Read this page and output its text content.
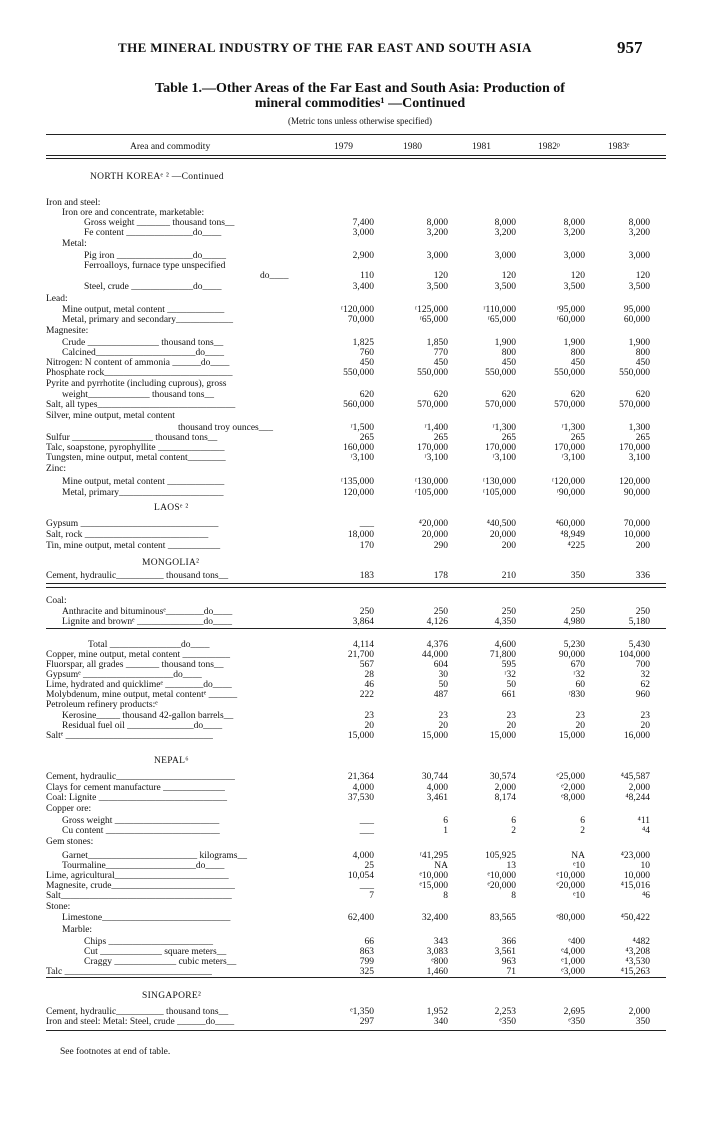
THE MINERAL INDUSTRY OF THE FAR EAST AND SOUTH ASIA	957
Table 1.—Other Areas of the Far East and South Asia: Production of
mineral commodities¹ —Continued
(Metric tons unless otherwise specified)
Area and commodity	1979	1980	1981	1982ᵖ	1983ᵉ
NORTH KOREAᵉ ² —Continued
LAOSᵉ ²
MONGOLIA²
NEPAL⁶
SINGAPORE²
Iron and steel:
Iron ore and concentrate, marketable:
Gross weight _______ thousand tons__	7,400	8,000	8,000	8,000	8,000
Fe content ______________do____	3,000	3,200	3,200	3,200	3,200
Metal:
Pig iron ________________do_____	2,900	3,000	3,000	3,000	3,000
Ferroalloys, furnace type unspecified
do____	110	120	120	120	120
Steel, crude _____________do____	3,400	3,500	3,500	3,500	3,500
Lead:
Mine output, metal content ____________	ʳ120,000	ʳ125,000	ʳ110,000	ʳ95,000	95,000
Metal, primary and secondary____________	70,000	ʳ65,000	ʳ65,000	ʳ60,000	60,000
Magnesite:
Crude _______________ thousand tons__	1,825	1,850	1,900	1,900	1,900
Calcined_____________________do____	760	770	800	800	800
Nitrogen: N content of ammonia ______do____	450	450	450	450	450
Phosphate rock___________________________	550,000	550,000	550,000	550,000	550,000
Pyrite and pyrrhotite (including cuprous), gross
weight_____________ thousand tons__	620	620	620	620	620
Salt, all types_____________________________	560,000	570,000	570,000	570,000	570,000
Silver, mine output, metal content
thousand troy ounces___	ʳ1,500	ʳ1,400	ʳ1,300	ʳ1,300	1,300
Sulfur _________________ thousand tons__	265	265	265	265	265
Talc, soapstone, pyrophyllite ______________	160,000	170,000	170,000	170,000	170,000
Tungsten, mine output, metal content________	ʳ3,100	ʳ3,100	ʳ3,100	ʳ3,100	3,100
Zinc:
Mine output, metal content ____________	ʳ135,000	ʳ130,000	ʳ130,000	ʳ120,000	120,000
Metal, primary______________________	120,000	ʳ105,000	ʳ105,000	ʳ90,000	90,000
Gypsum _____________________________	___	⁴20,000	⁴40,500	⁴60,000	70,000
Salt, rock __________________________	18,000	20,000	20,000	⁴8,949	10,000
Tin, mine output, metal content ___________	170	290	200	⁴225	200
Cement, hydraulic__________ thousand tons__	183	178	210	350	336
Coal:
Anthracite and bituminousᵉ________do____	250	250	250	250	250
Lignite and brownᵉ ______________do____	3,864	4,126	4,350	4,980	5,180
Total _______________do____	4,114	4,376	4,600	5,230	5,430
Copper, mine output, metal content __________	21,700	44,000	71,800	90,000	104,000
Fluorspar, all grades _______ thousand tons__	567	604	595	670	700
Gypsumᵉ ___________________do____	28	30	ʳ32	ʳ32	32
Lime, hydrated and quicklimeᵉ ________do____	46	50	50	60	62
Molybdenum, mine output, metal contentᵉ ______	222	487	661	ʳ830	960
Petroleum refinery products:ᵉ
Kerosine_____ thousand 42-gallon barrels__	23	23	23	23	23
Residual fuel oil ______________do____	20	20	20	20	20
Saltᵉ _______________________________	15,000	15,000	15,000	15,000	16,000
Cement, hydraulic_________________________	21,364	30,744	30,574	ᵉ25,000	⁴45,587
Clays for cement manufacture _____________	4,000	4,000	2,000	ᵉ2,000	2,000
Coal: Lignite ___________________________	37,530	3,461	8,174	ᵉ8,000	⁴8,244
Copper ore:
Gross weight ______________________	___	6	6	6	⁴11
Cu content ________________________	___	1	2	2	⁴4
Gem stones:
Garnet_______________________ kilograms__	4,000	ʳ41,295	105,925	NA	⁴23,000
Tourmaline___________________do____	25	NA	13	ᵉ10	10
Lime, agricultural________________________	10,054	ᵉ10,000	ᵉ10,000	ᵉ10,000	10,000
Magnesite, crude__________________________	___	ᵉ15,000	ᵉ20,000	ᵉ20,000	⁴15,016
Salt____________________________________	7	8	8	ᵉ10	⁴6
Stone:
Limestone___________________________	62,400	32,400	83,565	ᵉ80,000	⁴50,422
Marble:
Chips ______________________	66	343	366	ᵉ400	⁴482
Cut _____________ square meters__	863	3,083	3,561	ᵉ4,000	⁴3,208
Craggy _____________ cubic meters__	799	ᵉ800	963	ᵉ1,000	⁴3,530
Talc _______________________________	325	1,460	71	ᵉ3,000	⁴15,263
Cement, hydraulic__________ thousand tons__	ᵉ1,350	1,952	2,253	2,695	2,000
Iron and steel: Metal: Steel, crude ______do____	297	340	ᵉ350	ᵉ350	350
See footnotes at end of table.
